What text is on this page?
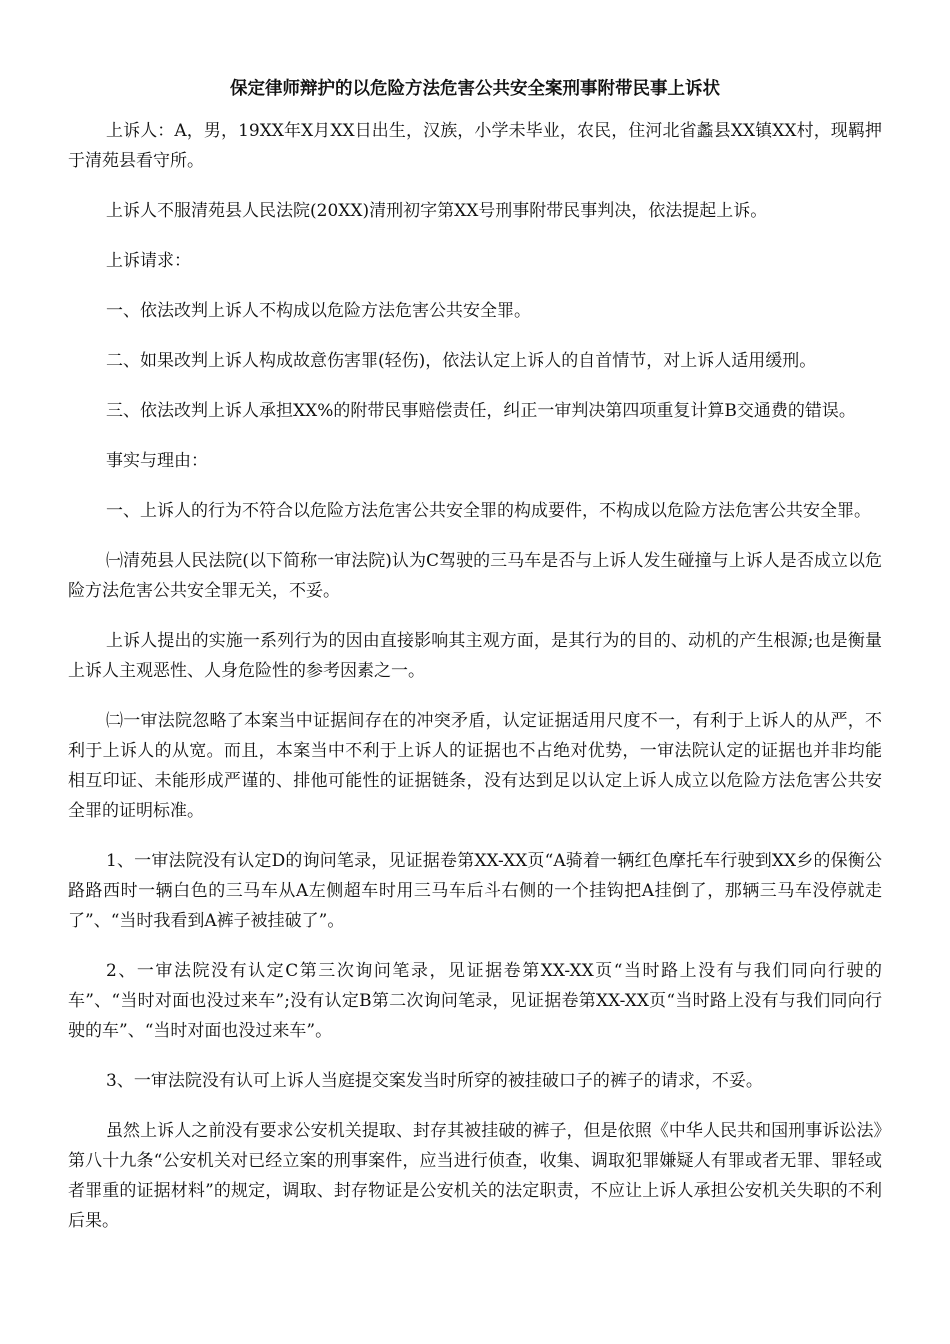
保定律师辩护的以危险方法危害公共安全案刑事附带民事上诉状

上诉人：A，男，19XX年X月XX日出生，汉族，小学未毕业，农民，住河北省蠡县XX镇XX村，现羁押于清苑县看守所。

上诉人不服清苑县人民法院(20XX)清刑初字第XX号刑事附带民事判决，依法提起上诉。

上诉请求：

一、依法改判上诉人不构成以危险方法危害公共安全罪。

二、如果改判上诉人构成故意伤害罪(轻伤)，依法认定上诉人的自首情节，对上诉人适用缓刑。

三、依法改判上诉人承担XX%的附带民事赔偿责任，纠正一审判决第四项重复计算B交通费的错误。

事实与理由：

一、上诉人的行为不符合以危险方法危害公共安全罪的构成要件，不构成以危险方法危害公共安全罪。

㈠清苑县人民法院(以下简称一审法院)认为C驾驶的三马车是否与上诉人发生碰撞与上诉人是否成立以危险方法危害公共安全罪无关，不妥。

上诉人提出的实施一系列行为的因由直接影响其主观方面，是其行为的目的、动机的产生根源;也是衡量上诉人主观恶性、人身危险性的参考因素之一。

㈡一审法院忽略了本案当中证据间存在的冲突矛盾，认定证据适用尺度不一，有利于上诉人的从严，不利于上诉人的从宽。而且，本案当中不利于上诉人的证据也不占绝对优势，一审法院认定的证据也并非均能相互印证、未能形成严谨的、排他可能性的证据链条，没有达到足以认定上诉人成立以危险方法危害公共安全罪的证明标准。

1、一审法院没有认定D的询问笔录，见证据卷第XX-XX页“A骑着一辆红色摩托车行驶到XX乡的保衡公路路西时一辆白色的三马车从A左侧超车时用三马车后斗右侧的一个挂钩把A挂倒了，那辆三马车没停就走了”、“当时我看到A裤子被挂破了”。

2、一审法院没有认定C第三次询问笔录，见证据卷第XX-XX页“当时路上没有与我们同向行驶的车”、“当时对面也没过来车”;没有认定B第二次询问笔录，见证据卷第XX-XX页“当时路上没有与我们同向行驶的车”、“当时对面也没过来车”。

3、一审法院没有认可上诉人当庭提交案发当时所穿的被挂破口子的裤子的请求，不妥。

虽然上诉人之前没有要求公安机关提取、封存其被挂破的裤子，但是依照《中华人民共和国刑事诉讼法》第八十九条“公安机关对已经立案的刑事案件，应当进行侦查，收集、调取犯罪嫌疑人有罪或者无罪、罪轻或者罪重的证据材料”的规定，调取、封存物证是公安机关的法定职责，不应让上诉人承担公安机关失职的不利后果。
